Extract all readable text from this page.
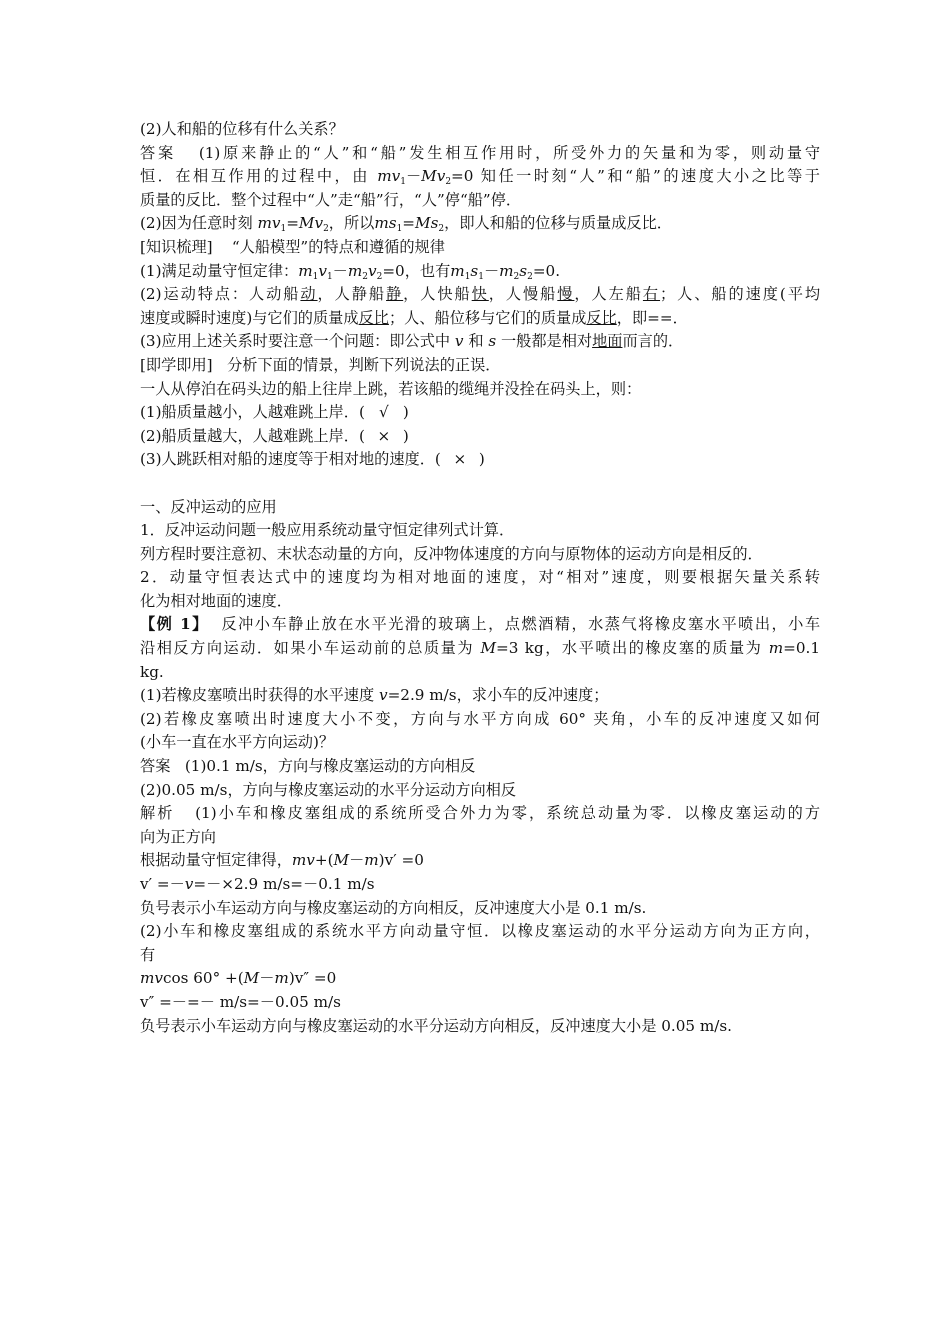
(2)人和船的位移有什么关系？
答案 (1)原来静止的“人”和“船”发生相互作用时，所受外力的矢量和为零，则动量守
恒．在相互作用的过程中，由 $mv_1-Mv_2=0$ 知任一时刻“人”和“船”的速度大小之比等于
质量的反比．整个过程中“人”走“船”行，“人”停“船”停．
(2)因为任意时刻 $mv_1=Mv_2$，所以$ms_1=Ms_2$，即人和船的位移与质量成反比．
[知识梳理] “人船模型”的特点和遵循的规律
(1)满足动量守恒定律：$m_1v_1-m_2v_2=0$，也有$m_1s_1-m_2s_2=0$.
(2)运动特点：人动船动，人静船静，人快船快，人慢船慢，人左船右；人、船的速度(平均
速度或瞬时速度)与它们的质量成反比；人、船位移与它们的质量成反比，即==．
(3)应用上述关系时要注意一个问题：即公式中 v 和 s 一般都是相对地面而言的．
[即学即用] 分析下面的情景，判断下列说法的正误．
一人从停泊在码头边的船上往岸上跳，若该船的缆绳并没拴在码头上，则：
(1)船质量越小，人越难跳上岸．( √ )
(2)船质量越大，人越难跳上岸．( × )
(3)人跳跃相对船的速度等于相对地的速度．( × )
一、反冲运动的应用
1．反冲运动问题一般应用系统动量守恒定律列式计算．
列方程时要注意初、末状态动量的方向，反冲物体速度的方向与原物体的运动方向是相反的．
2．动量守恒表达式中的速度均为相对地面的速度，对“相对”速度，则要根据矢量关系转
化为相对地面的速度．
【例 1】 反冲小车静止放在水平光滑的玻璃上，点燃酒精，水蒸气将橡皮塞水平喷出，小车
沿相反方向运动．如果小车运动前的总质量为 M=3 kg，水平喷出的橡皮塞的质量为 m=0.1
kg.
(1)若橡皮塞喷出时获得的水平速度 v=2.9 m/s，求小车的反冲速度；
(2)若橡皮塞喷出时速度大小不变，方向与水平方向成 60° 夹角，小车的反冲速度又如何
(小车一直在水平方向运动)？
答案 (1)0.1 m/s，方向与橡皮塞运动的方向相反
(2)0.05 m/s，方向与橡皮塞运动的水平分运动方向相反
解析 (1)小车和橡皮塞组成的系统所受合外力为零，系统总动量为零．以橡皮塞运动的方
向为正方向
根据动量守恒定律得，mv+(M－m)v′ =0
v′ =－v=－×2.9 m/s=－0.1 m/s
负号表示小车运动方向与橡皮塞运动的方向相反，反冲速度大小是 0.1 m/s.
(2)小车和橡皮塞组成的系统水平方向动量守恒．以橡皮塞运动的水平分运动方向为正方向，
有
mvcos 60° +(M－m)v″ =0
v″ =－=－ m/s=－0.05 m/s
负号表示小车运动方向与橡皮塞运动的水平分运动方向相反，反冲速度大小是 0.05 m/s.
